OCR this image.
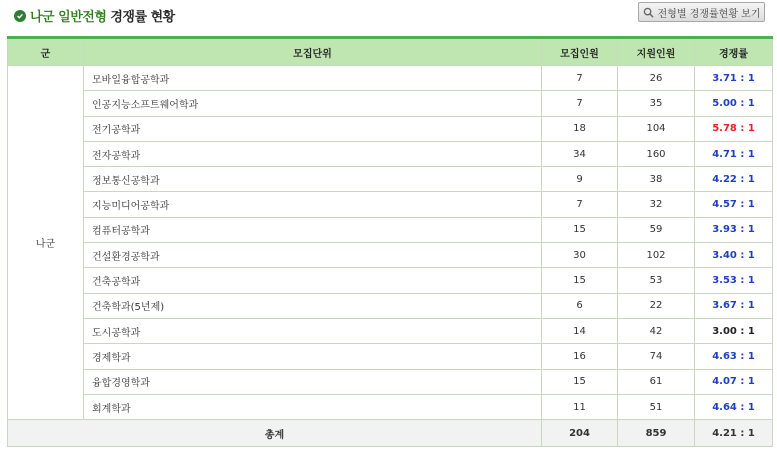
나군 일반전형 경쟁률 현황	전형별 경쟁률현황 보기
군	모집단위	모집인원	지원인원	경쟁률
나군	모바일융합공학과	7	26	3.71 : 1
	인공지능소프트웨어학과	7	35	5.00 : 1
	전기공학과	18	104	5.78 : 1
	전자공학과	34	160	4.71 : 1
	정보통신공학과	9	38	4.22 : 1
	지능미디어공학과	7	32	4.57 : 1
	컴퓨터공학과	15	59	3.93 : 1
	건설환경공학과	30	102	3.40 : 1
	건축공학과	15	53	3.53 : 1
	건축학과(5년제)	6	22	3.67 : 1
	도시공학과	14	42	3.00 : 1
	경제학과	16	74	4.63 : 1
	융합경영학과	15	61	4.07 : 1
	회계학과	11	51	4.64 : 1
총계		204	859	4.21 : 1
